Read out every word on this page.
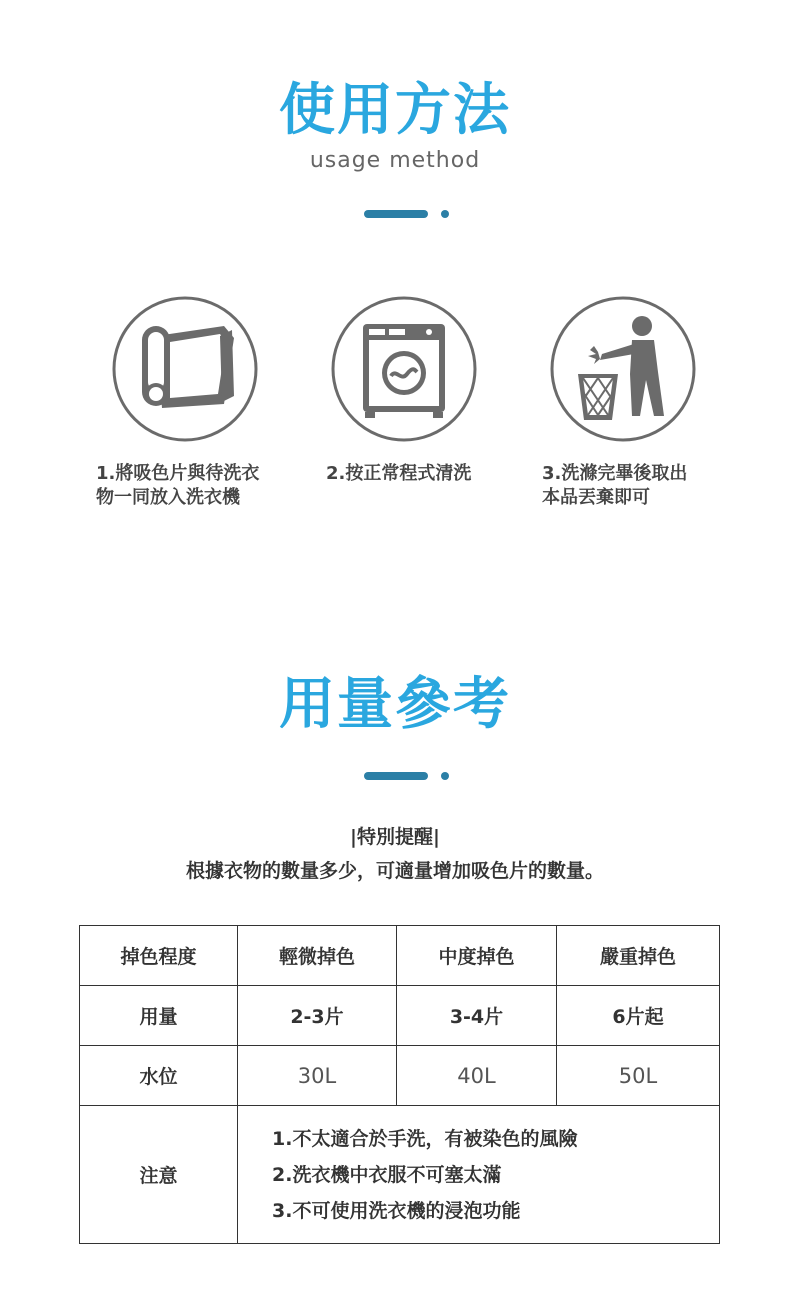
使用方法
usage method
1.將吸色片與待洗衣
物一同放入洗衣機
2.按正常程式清洗	3.洗滌完畢後取出
本品丟棄即可
用量參考
|特別提醒|
根據衣物的數量多少，可適量增加吸色片的數量。
掉色程度	輕微掉色	中度掉色	嚴重掉色
用量	2-3片	3-4片	6片起
水位	30L	40L	50L
注意	1.不太適合於手洗，有被染色的風險
2.洗衣機中衣服不可塞太滿
3.不可使用洗衣機的浸泡功能		
